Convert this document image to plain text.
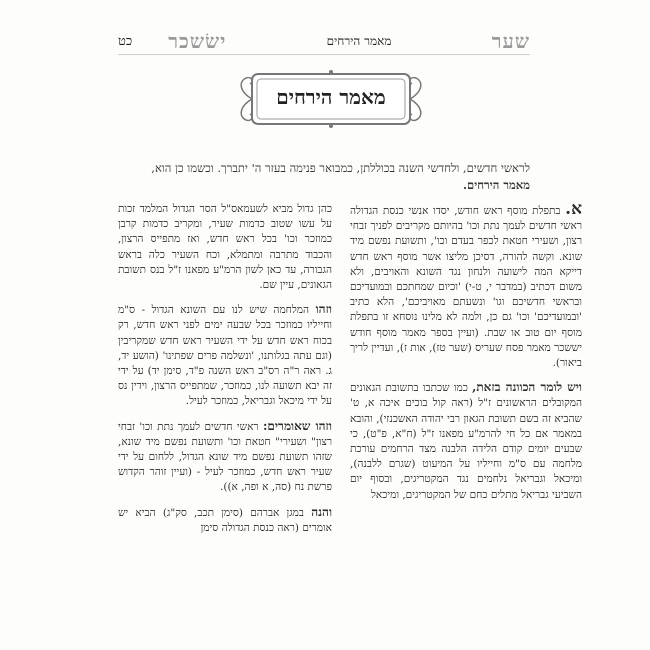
שער
מאמר הירחים
ישׂשכר
כט
מאמר הירחים
לראשי חדשים, ולחדשי השנה בכוללתן, כמבואר פנימה בעזר ה' יתברך. וכשמו כן הוא, מאמר הירחים.

א. בתפלת מוסף ראש חודש, יסדו אנשי כנסת הגדולה ראשי חדשים לעמך נתת וכו' בהיותם מקריבים לפניך זבחי רצון, ושעירי חטאת לכפר בעדם וכו', ותשועת נפשם מיד שונא. וקשה להורה, דסיכן מליצו אשר מוסף ראש חדש דייקא המה לישועה ולנחון נגד השונא והאויבים, ולא משום דכתיב (במדבר י, ט-י) 'וכיום שמחתכם ובמועדיכם ובראשי חדשיכם וגו' ונשעתם מאויביכם', הלא כתיב 'ובמועדיכם' וכו' גם כן, ולמה לא מלינו נוסחא זו בתפלת מוסף יום טוב או שבת. (ועיין בספר מאמר מוסף חודש יששכר מאמר פסח שעריס (שער טז), אות ז), ועדיין לריך ביאור).

ויש לומר הכוונה בזאת, כמו שכתבו בתשובת הגאונים המקובלים הראשונים ז"ל (ראה קול בוכים איכה א, ט' שהביא זה בשם תשובת הגאון רבי יהודה האשכנזי), והובא במאמר אם כל חי להרמ"ע מפאנו ז"ל (ח"א, פ"ט), כי שבעים יומים קודם הלידה הלבנה מצד הרחמים עורכת מלחמה עם ס"מ וחייליו על המיעוט (שגרם ללבנה), ומיכאל וגבריאל נלחמים נגד המקטריגים, ובסוף יום השביעי גבריאל מתלים כחם של המקטריגים, ומיכאל

כהן גדול מביא לשעמאס"ל הסר הגדול המלמד זכות על עשו שטוב כדמות שעיר, ומקריב כדמות קרבן כמוזכר וכו' בכל ראש חדש, ואז מתפייס הרצון, והכבוד מתרבה ומתמלא, וכח השעיר כלה בראש הגבורה, עד כאן לשון הרמ"ע מפאנו ז"ל בנס תשובת הגאונים, עיין שם.

וזהו המלחמה שיש לנו עם השונא הגדול - ס"מ וחייליו כמוזכר בכל שבעה ימים לפני ראש חדש, רק בכוח ראש חדש על ידי השעיר ראש חדש שמקריבין (וגם עתה בגלותנו, 'ונשלמה פרים שפתינו' (הושע יד, ג. ראה ר"ה רס"ב ראש השנה פ"ד, סימן יד) על ידי זה יבא תשועה לנו, כמוזכר, שמתפייס הרצון, וידין נס על ידי מיכאל וגבריאל, כמוזכר לעיל.

וזהו שאומרים: ראשי חדשים לעמך נתת וכו' זבחי רצון" ושעירי" חטאת וכו' ותשועת נפשם מיד שונא, שזהו תשועת נפשם מיד שונא הגדול, ללחום על ידי שעיר ראש חדש, כמוזכר לעיל - (ועיין זוהר הקדוש פרשת נח (סה, א ופה, א)).

והנה במגן אברהם (סימן תכב, סק"ג) הביא יש אומרים (ראה כנסת הגדולה סימן
